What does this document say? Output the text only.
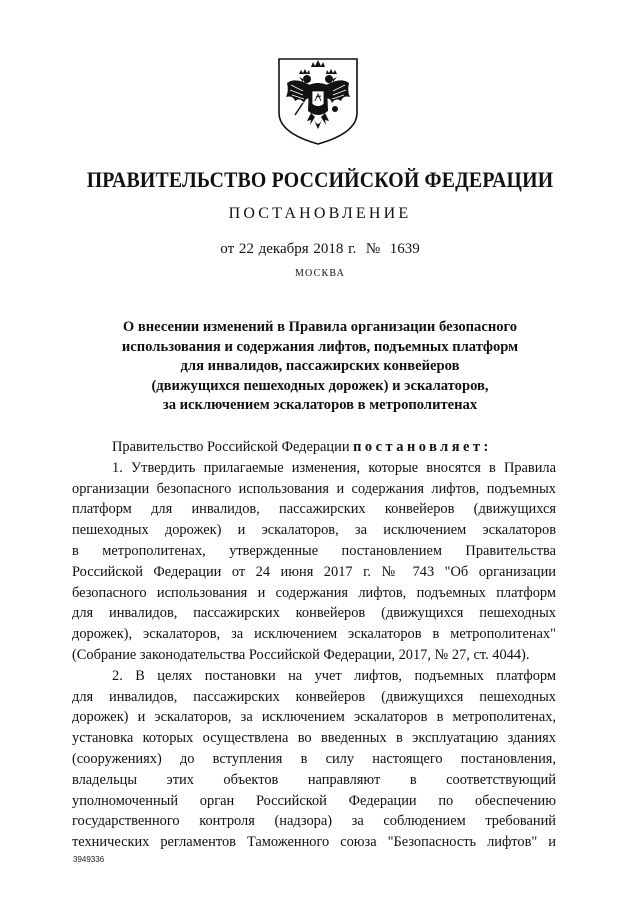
ПРАВИТЕЛЬСТВО РОССИЙСКОЙ ФЕДЕРАЦИИ
ПОСТАНОВЛЕНИЕ
от 22 декабря 2018 г.  №  1639
МОСКВА
О внесении изменений в Правила организации безопасного
использования и содержания лифтов, подъемных платформ
для инвалидов, пассажирских конвейеров
(движущихся пешеходных дорожек) и эскалаторов,
за исключением эскалаторов в метрополитенах
Правительство Российской Федерации постановляет:
1. Утвердить прилагаемые изменения, которые вносятся в Правила
организации безопасного использования и содержания лифтов, подъемных
платформ для инвалидов, пассажирских конвейеров (движущихся
пешеходных дорожек) и эскалаторов, за исключением эскалаторов
в метрополитенах, утвержденные постановлением Правительства
Российской Федерации от 24 июня 2017 г. № 743 "Об организации
безопасного использования и содержания лифтов, подъемных платформ
для инвалидов, пассажирских конвейеров (движущихся пешеходных
дорожек), эскалаторов, за исключением эскалаторов в метрополитенах"
(Собрание законодательства Российской Федерации, 2017, № 27, ст. 4044).
2. В целях постановки на учет лифтов, подъемных платформ
для инвалидов, пассажирских конвейеров (движущихся пешеходных
дорожек) и эскалаторов, за исключением эскалаторов в метрополитенах,
установка которых осуществлена во введенных в эксплуатацию зданиях
(сооружениях) до вступления в силу настоящего постановления,
владельцы этих объектов направляют в соответствующий
уполномоченный орган Российской Федерации по обеспечению
государственного контроля (надзора) за соблюдением требований
технических регламентов Таможенного союза "Безопасность лифтов" и
3949336
